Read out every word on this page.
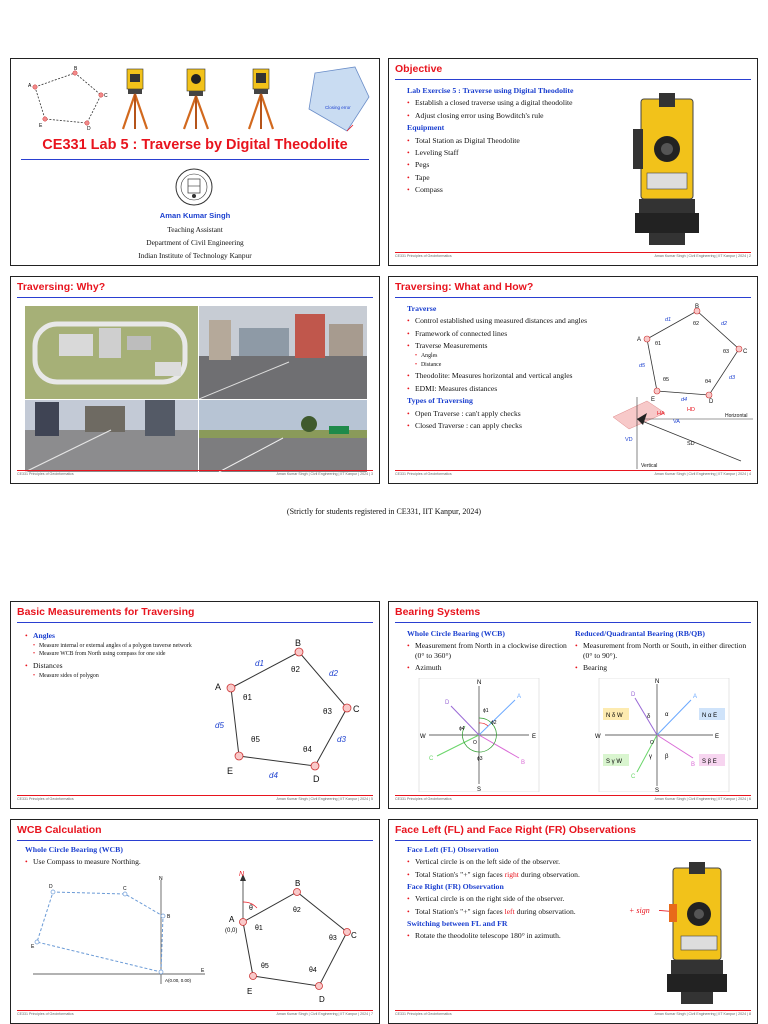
A
B
C
D
E
Closing error
CE331 Lab 5 : Traverse by Digital Theodolite
Aman Kumar Singh
Teaching Assistant
Department of Civil Engineering
Indian Institute of Technology Kanpur
Objective
Lab Exercise 5 : Traverse using Digital Theodolite
• Establish a closed traverse using a digital theodolite
• Adjust closing error using Bowditch's rule
Equipment
• Total Station as Digital Theodolite
• Leveling Staff
• Pegs
• Tape
• Compass
CE331 Principles of Geoinformatics	Aman Kumar Singh | Civil Engineering | IIT Kanpur | 2024 | 2
Traversing: Why?
•
CE331 Principles of Geoinformatics	Aman Kumar Singh | Civil Engineering | IIT Kanpur | 2024 | 3
Traversing: What and How?
Traverse
• Control established using measured distances and angles
• Framework of connected lines
• Traverse Measurements
• Angles
• Distance
• Theodolite: Measures horizontal and vertical angles
• EDMI: Measures distances
Types of Traversing
• Open Traverse : can't apply checks
• Closed Traverse : can apply checks
A
B
C
D
E
d1
d2
d3
d4
d5
θ1
θ2
θ3
θ4
θ5
HA
HD
VA
VD
SD
Horizontal
Vertical
CE331 Principles of Geoinformatics	Aman Kumar Singh | Civil Engineering | IIT Kanpur | 2024 | 4
(Strictly for students registered in CE331, IIT Kanpur, 2024)
Basic Measurements for Traversing
• Angles
• Measure internal or external angles of a polygon traverse network
• Measure WCB from North using compass for one side
• Distances
• Measure sides of polygon
A
B
C
D
E
d1
d2
d3
d4
d5
θ1
θ2
θ3
θ4
θ5
CE331 Principles of Geoinformatics	Aman Kumar Singh | Civil Engineering | IIT Kanpur | 2024 | 5
Bearing Systems
Whole Circle Bearing (WCB)
• Measurement from North in a clockwise direction (0° to 360°)
• Azimuth
Reduced/Quadrantal Bearing (RB/QB)
• Measurement from North or South, in either direction (0° to 90°).
• Bearing
N
S
E
W
O
A
B
C
D
ϕ1
ϕ2
ϕ3
ϕ4
N δ W	N α E
S γ W	S β E
N
S
E
W
O
A
B
C
D
α
β
γ
δ
CE331 Principles of Geoinformatics	Aman Kumar Singh | Civil Engineering | IIT Kanpur | 2024 | 6
WCB Calculation
Whole Circle Bearing (WCB)
• Use Compass to measure Northing.
N
E
A(0.00, 0.00)
B
C
D
E
N
θ
A
(0,0)
B
C
D
E
θ1
θ2
θ3
θ4
θ5
CE331 Principles of Geoinformatics	Aman Kumar Singh | Civil Engineering | IIT Kanpur | 2024 | 7
Face Left (FL) and Face Right (FR) Observations
Face Left (FL) Observation
• Vertical circle is on the left side of the observer.
• Total Station's "+" sign faces right during observation.
Face Right (FR) Observation
• Vertical circle is on the right side of the observer.
• Total Station's "+" sign faces left during observation.
Switching between FL and FR
• Rotate the theodolite telescope 180° in azimuth.
+ sign
CE331 Principles of Geoinformatics	Aman Kumar Singh | Civil Engineering | IIT Kanpur | 2024 | 8
